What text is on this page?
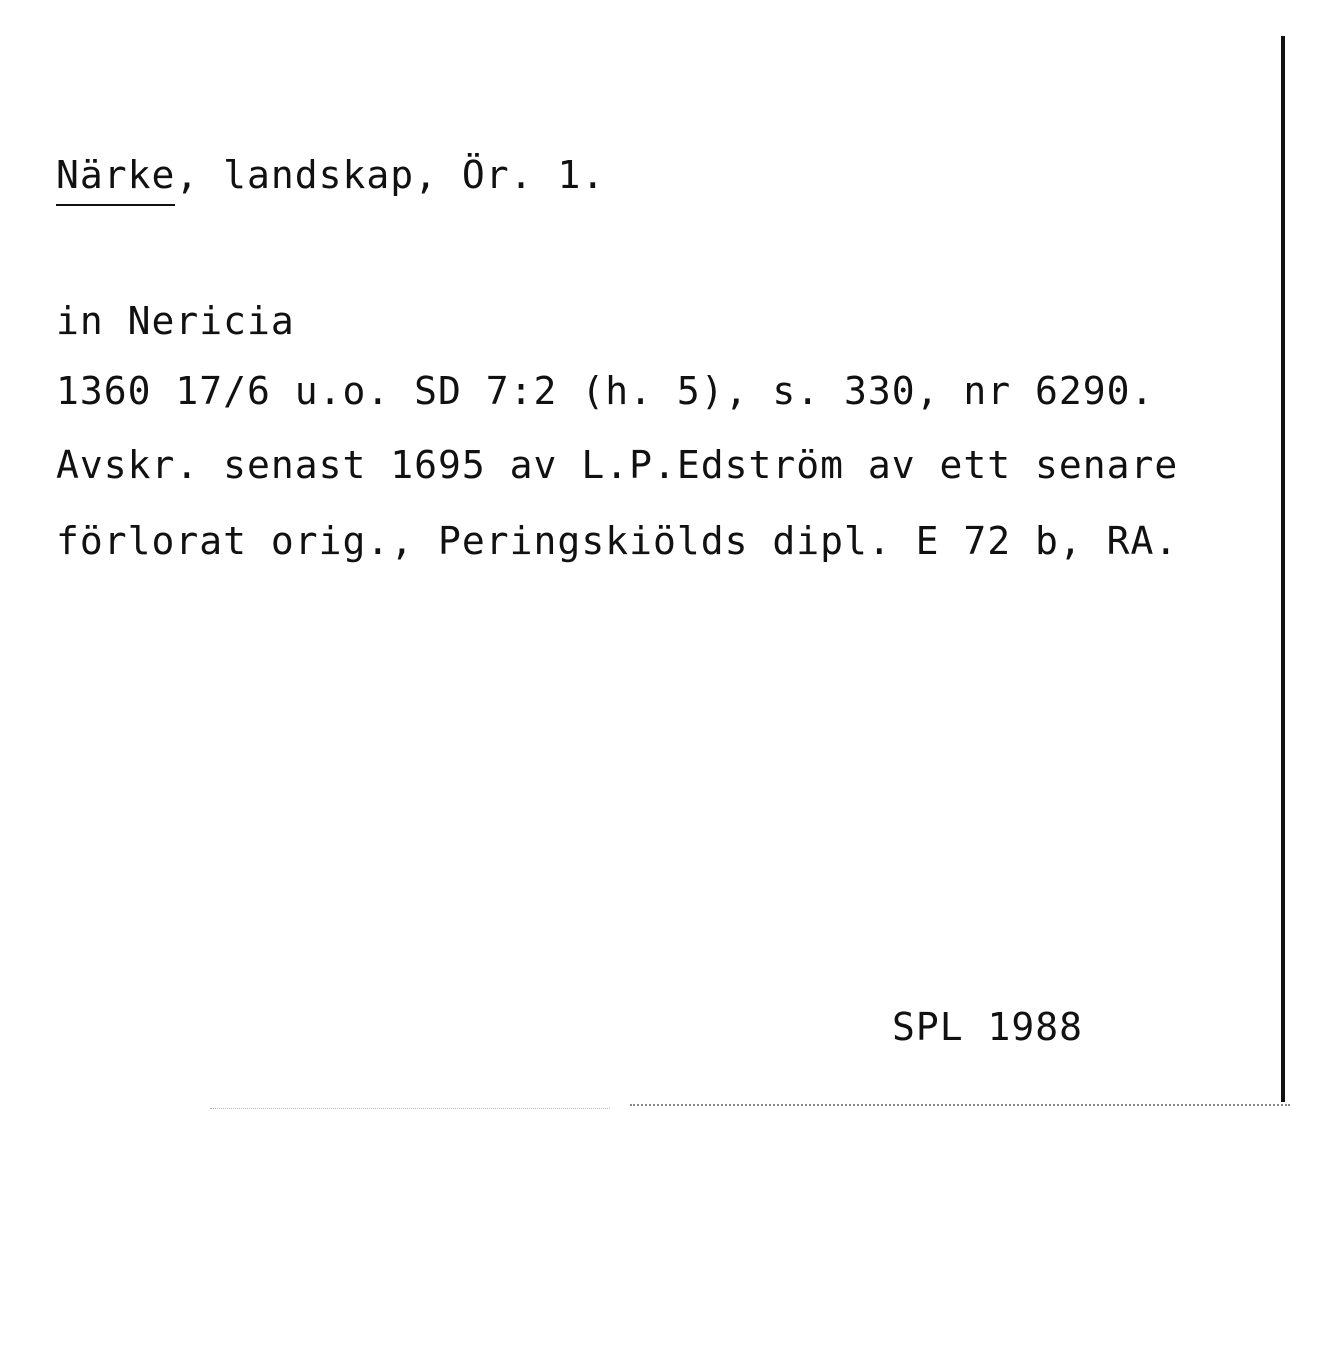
Närke, landskap, Ör. 1.
in Nericia
1360 17/6 u.o. SD 7:2 (h. 5), s. 330, nr 6290.
Avskr. senast 1695 av L.P.Edström av ett senare
förlorat orig., Peringskiölds dipl. E 72 b, RA.
SPL 1988
